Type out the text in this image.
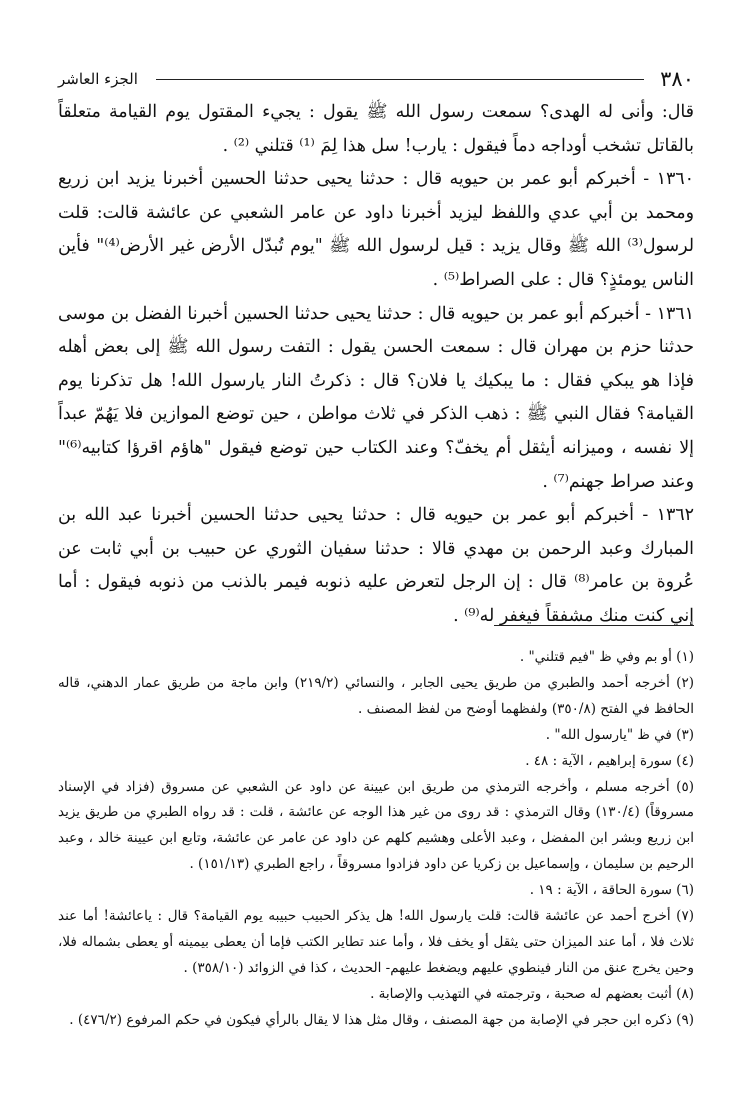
٣٨٠
الجزء العاشر

قال: وأنى له الهدى؟ سمعت رسول الله ﷺ يقول : يجيء المقتول يوم القيامة متعلقاً بالقاتل تشخب أوداجه دماً فيقول : يارب! سل هذا لِمَ ⁽¹⁾ قتلني ⁽²⁾ .

١٣٦٠ - أخبركم أبو عمر بن حيويه قال : حدثنا يحيى حدثنا الحسين أخبرنا يزيد ابن زريع ومحمد بن أبي عدي واللفظ ليزيد أخبرنا داود عن عامر الشعبي عن عائشة قالت: قلت لرسول⁽³⁾ الله ﷺ وقال يزيد : قيل لرسول الله ﷺ "يوم تُبدّل الأرض غير الأرض⁽⁴⁾" فأين الناس يومئذٍ؟ قال : على الصراط⁽⁵⁾ .

١٣٦١ - أخبركم أبو عمر بن حيويه قال : حدثنا يحيى حدثنا الحسين أخبرنا الفضل بن موسى حدثنا حزم بن مهران قال : سمعت الحسن يقول : التفت رسول الله ﷺ إلى بعض أهله فإذا هو يبكي فقال : ما يبكيك يا فلان؟ قال : ذكرتُ النار يارسول الله! هل تذكرنا يوم القيامة؟ فقال النبي ﷺ : ذهب الذكر في ثلاث مواطن ، حين توضع الموازين فلا يَهُمّ عبداً إلا نفسه ، وميزانه أيثقل أم يخفّ؟ وعند الكتاب حين توضع فيقول "هاؤم اقرؤا كتابيه⁽⁶⁾" وعند صراط جهنم⁽⁷⁾ .

١٣٦٢ - أخبركم أبو عمر بن حيويه قال : حدثنا يحيى حدثنا الحسين أخبرنا عبد الله بن المبارك وعبد الرحمن بن مهدي قالا : حدثنا سفيان الثوري عن حبيب بن أبي ثابت عن عُروة بن عامر⁽⁸⁾ قال : إن الرجل لتعرض عليه ذنوبه فيمر بالذنب من ذنوبه فيقول : أما إني كنت منك مشفقاً فيغفر له⁽⁹⁾ .

(١) أو بم وفي ظ "فيم قتلني" .

(٢) أخرجه أحمد والطبري من طريق يحيى الجابر ، والنسائي (٢١٩/٢) وابن ماجة من طريق عمار الدهني، قاله الحافظ في الفتح (٣٥٠/٨) ولفظهما أوضح من لفظ المصنف .

(٣) في ظ "يارسول الله" .

(٤) سورة إبراهيم ، الآية : ٤٨ .

(٥) أخرجه مسلم ، وأخرجه الترمذي من طريق ابن عيينة عن داود عن الشعبي عن مسروق (فزاد في الإسناد مسروقاً) (١٣٠/٤) وقال الترمذي : قد روى من غير هذا الوجه عن عائشة ، قلت : قد رواه الطبري من طريق يزيد ابن زريع وبشر ابن المفضل ، وعبد الأعلى وهشيم كلهم عن داود عن عامر عن عائشة، وتابع ابن عيينة خالد ، وعبد الرحيم بن سليمان ، وإسماعيل بن زكريا عن داود فزادوا مسروقاً ، راجع الطبري (١٥١/١٣) .

(٦) سورة الحاقة ، الآية : ١٩ .

(٧) أخرج أحمد عن عائشة قالت: قلت يارسول الله! هل يذكر الحبيب حبيبه يوم القيامة؟ قال : ياعائشة! أما عند ثلاث فلا ، أما عند الميزان حتى يثقل أو يخف فلا ، وأما عند تطاير الكتب فإما أن يعطى بيمينه أو يعطى بشماله فلا، وحين يخرج عنق من النار فينطوي عليهم ويضغط عليهم- الحديث ، كذا في الزوائد (٣٥٨/١٠) .

(٨) أثبت بعضهم له صحبة ، وترجمته في التهذيب والإصابة .

(٩) ذكره ابن حجر في الإصابة من جهة المصنف ، وقال مثل هذا لا يقال بالرأي فيكون في حكم المرفوع (٤٧٦/٢) .
